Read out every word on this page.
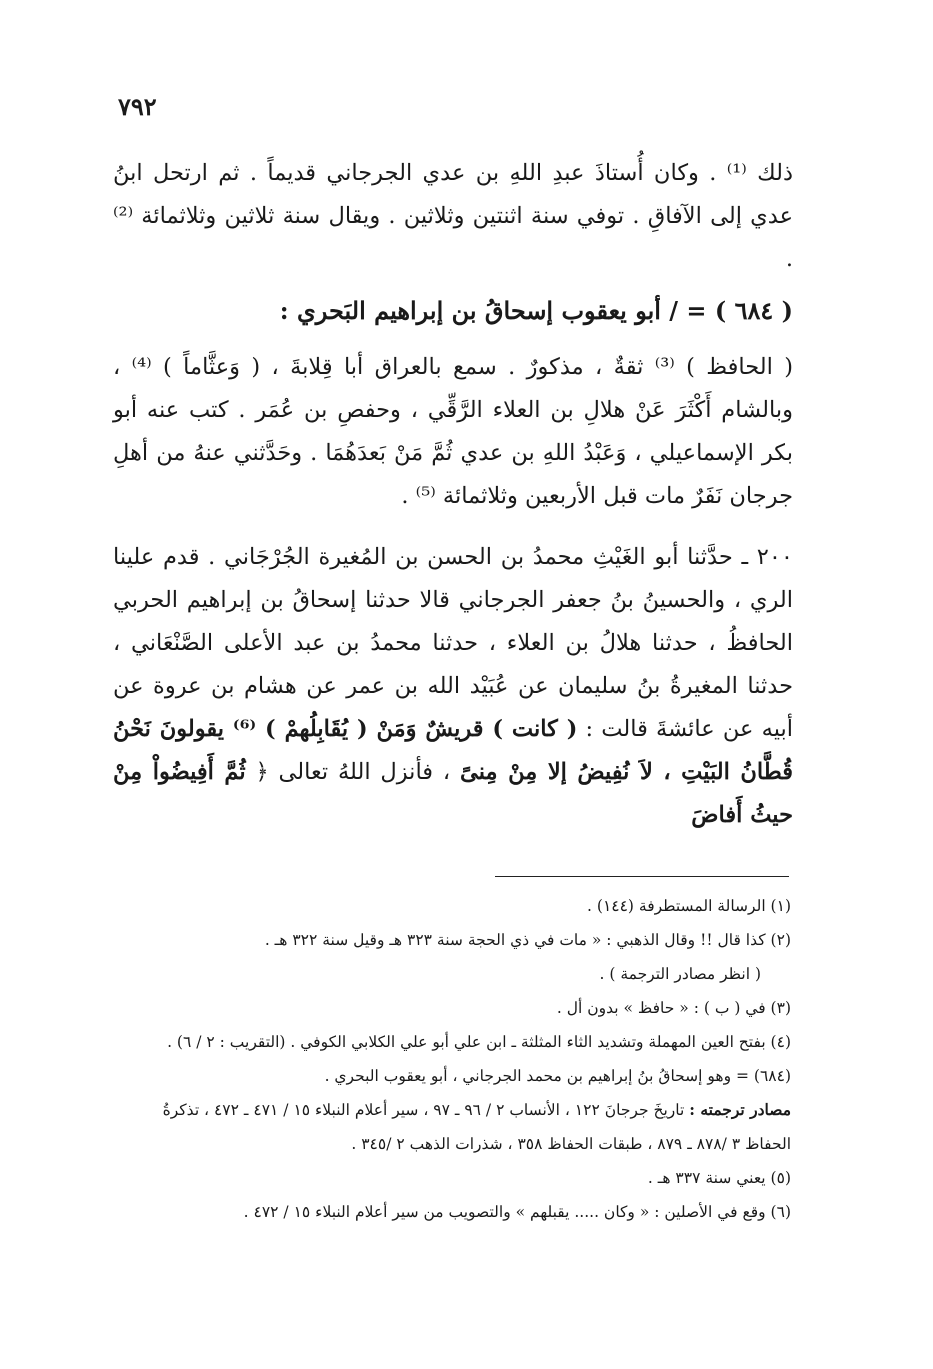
٧٩٢

ذلك ⁽¹⁾ . وكان أُستاذَ عبدِ اللهِ بن عدي الجرجاني قديماً . ثم ارتحل ابنُ عدي إلى الآفاقِ . توفي سنة اثنتين وثلاثين . ويقال سنة ثلاثين وثلاثمائة ⁽²⁾ .

( ٦٨٤ ) = / أبو يعقوب إسحاقُ بن إبراهيم البَحري :

( الحافظ ) ⁽³⁾ ثقةٌ ، مذكورٌ . سمع بالعراق أبا قِلابةَ ، ( وَعثَّاماً ) ⁽⁴⁾ ، وبالشام أَكْثَرَ عَنْ هلالِ بن العلاء الرَّقِّي ، وحفصِ بن عُمَر . كتب عنه أبو بكر الإسماعيلي ، وَعَبْدُ اللهِ بن عدي ثُمَّ مَنْ بَعدَهُمَا . وحَدَّثني عنهُ من أهلِ جرجان نَفَرٌ مات قبل الأربعين وثلاثمائة ⁽⁵⁾ .

٢٠٠ ـ حدَّثنا أبو الغَيْثِ محمدُ بن الحسن بن المُغيرة الجُرْجَاني . قدم علينا الري ، والحسينُ بنُ جعفر الجرجاني قالا حدثنا إسحاقُ بن إبراهيم الحربي الحافظُ ، حدثنا هلالُ بن العلاء ، حدثنا محمدُ بن عبد الأعلى الصَّنْعَاني ، حدثنا المغيرةُ بنُ سليمان عن عُبَيْد الله بن عمر عن هشام بن عروة عن أبيه عن عائشةَ قالت : ( كانت ) قريشٌ وَمَنْ ( يُقَابِلُهمْ ) ⁽⁶⁾ يقولونَ نَحْنُ قُطَّانُ البَيْتِ ، لاَ نُفِيضُ إلا مِنْ مِنىً ، فأنزل اللهُ تعالى ﴿ ثُمَّ أَفِيضُواْ مِنْ حيثُ أَفاضَ

(١) الرسالة المستطرفة (١٤٤) .

(٢) كذا قال !! وقال الذهبي : « مات في ذي الحجة سنة ٣٢٣ هـ وقيل سنة ٣٢٢ هـ .

( انظر مصادر الترجمة ) .

(٣) في ( ب ) : « حافظ » بدون أل .

(٤) بفتح العين المهملة وتشديد الثاء المثلثة ـ ابن علي أبو علي الكلابي الكوفي . (التقريب : ٢ / ٦) .

(٦٨٤) = وهو إسحاقُ بنُ إبراهيم بن محمد الجرجاني ، أبو يعقوب البحري .

مصادر ترجمته : تاريخَ جرجانَ ١٢٢ ، الأنساب ٢ / ٩٦ ـ ٩٧ ، سير أعلام النبلاء ١٥ / ٤٧١ ـ ٤٧٢ ، تذكرةُ الحفاظ ٣ /٨٧٨ ـ ٨٧٩ ، طبقات الحفاظ ٣٥٨ ، شذرات الذهب ٢ /٣٤٥ .

(٥) يعني سنة ٣٣٧ هـ .

(٦) وقع في الأصلين : « وكان ..... يقبلهم » والتصويب من سير أعلام النبلاء ١٥ / ٤٧٢ .
